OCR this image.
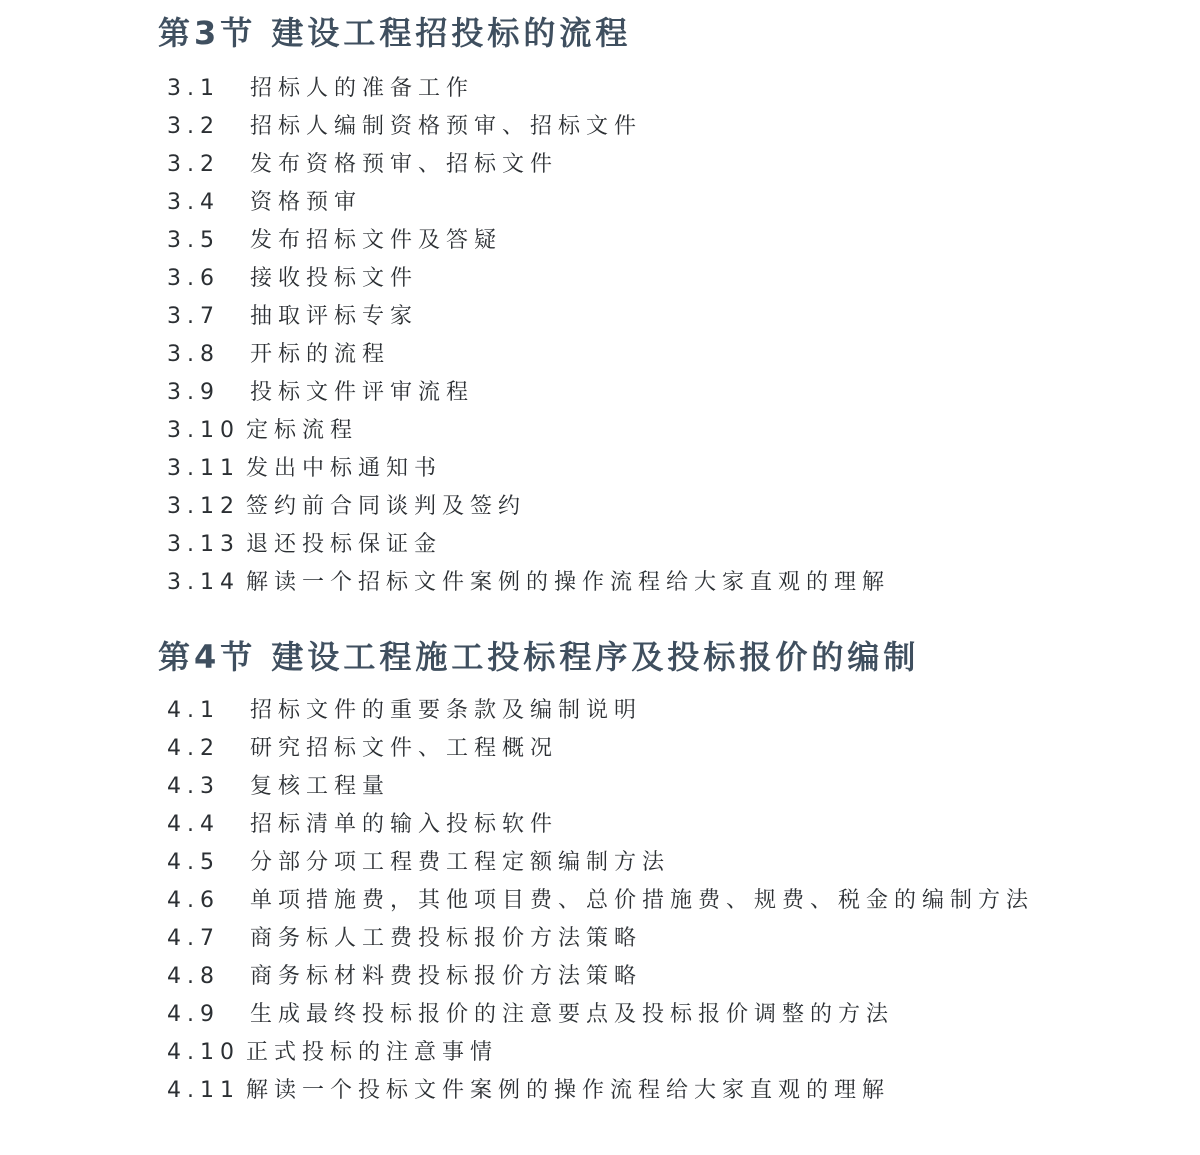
第3节 建设工程招投标的流程
3.1	招标人的准备工作
3.2	招标人编制资格预审、招标文件
3.2	发布资格预审、招标文件
3.4	资格预审
3.5	发布招标文件及答疑
3.6	接收投标文件
3.7	抽取评标专家
3.8	开标的流程
3.9	投标文件评审流程
3.10 定标流程
3.11 发出中标通知书
3.12 签约前合同谈判及签约
3.13 退还投标保证金
3.14 解读一个招标文件案例的操作流程给大家直观的理解
第4节 建设工程施工投标程序及投标报价的编制
4.1	招标文件的重要条款及编制说明
4.2	研究招标文件、工程概况
4.3	复核工程量
4.4	招标清单的输入投标软件
4.5	分部分项工程费工程定额编制方法
4.6	单项措施费，其他项目费、总价措施费、规费、税金的编制方法
4.7	商务标人工费投标报价方法策略
4.8	商务标材料费投标报价方法策略
4.9	生成最终投标报价的注意要点及投标报价调整的方法
4.10 正式投标的注意事情
4.11 解读一个投标文件案例的操作流程给大家直观的理解
